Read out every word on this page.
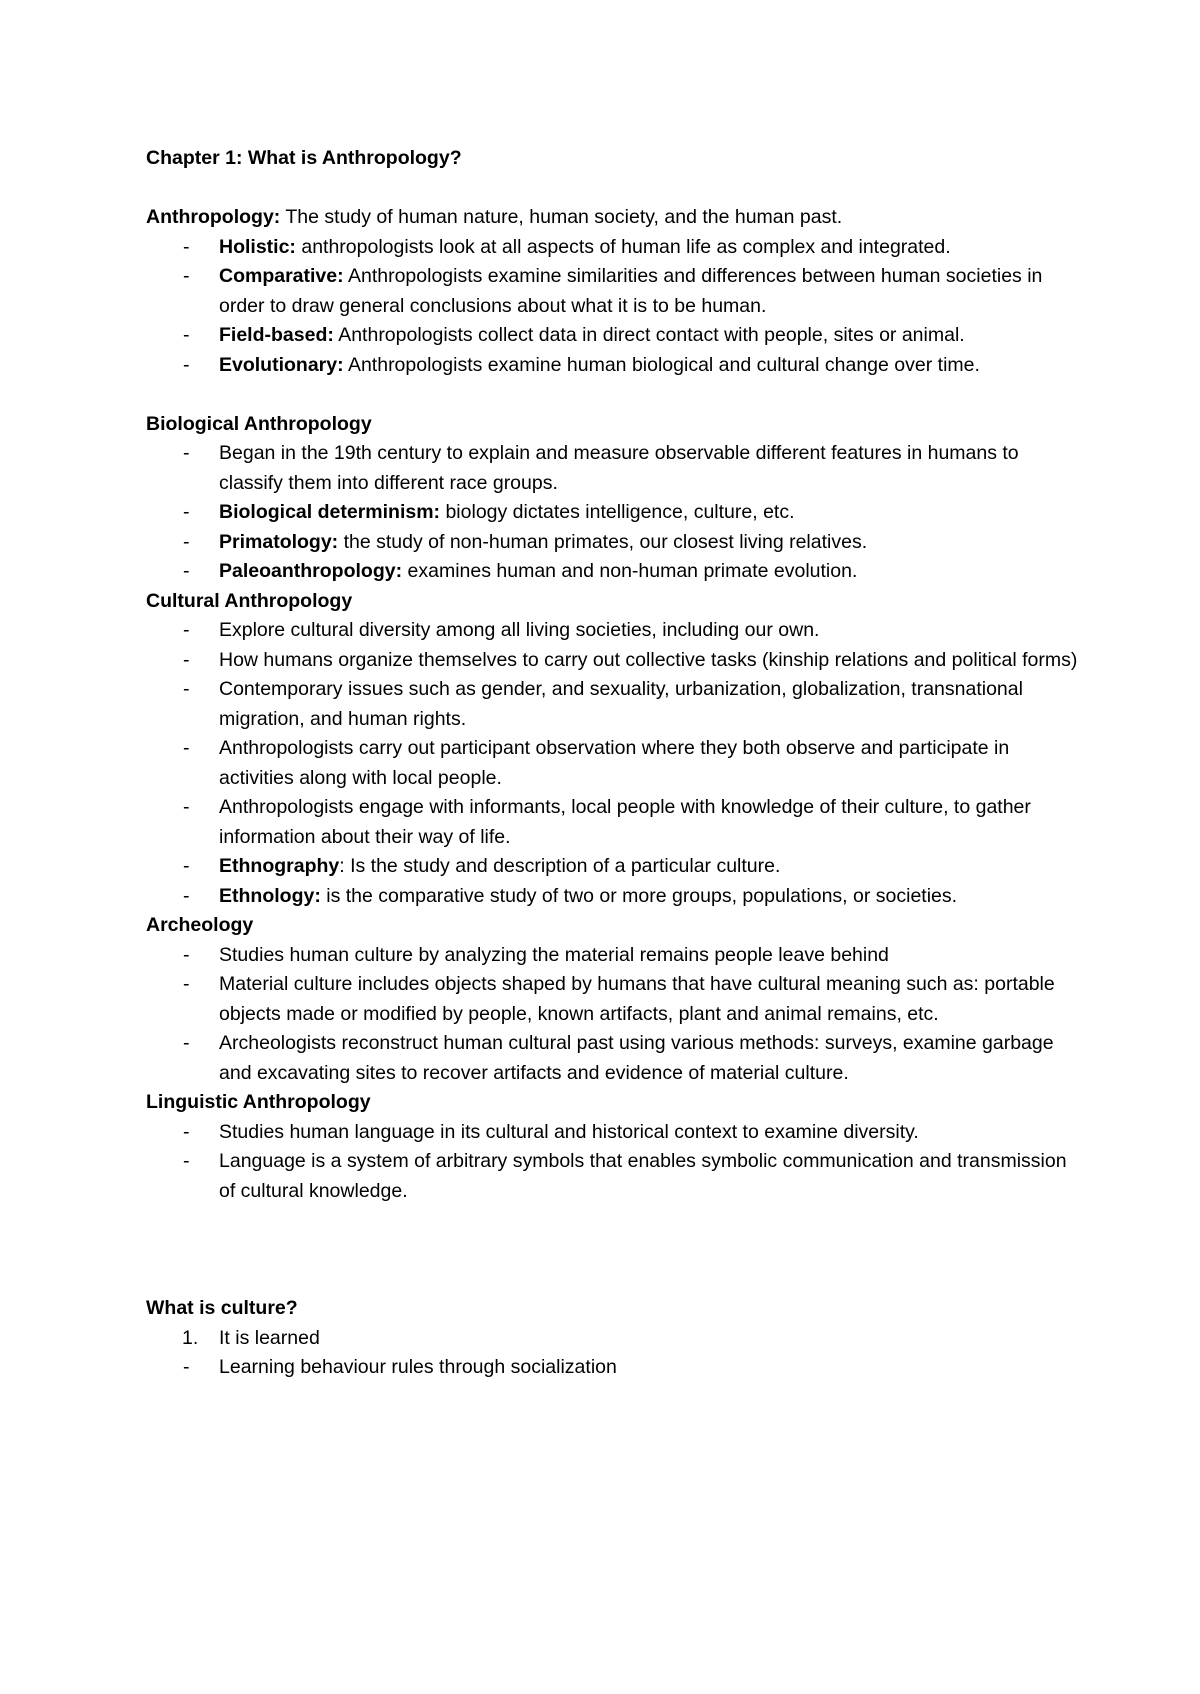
Chapter 1: What is Anthropology?

Anthropology: The study of human nature, human society, and the human past.

- Holistic: anthropologists look at all aspects of human life as complex and integrated.
- Comparative: Anthropologists examine similarities and differences between human societies in order to draw general conclusions about what it is to be human.
- Field-based: Anthropologists collect data in direct contact with people, sites or animal.
- Evolutionary: Anthropologists examine human biological and cultural change over time.

Biological Anthropology

- Began in the 19th century to explain and measure observable different features in humans to classify them into different race groups.
- Biological determinism: biology dictates intelligence, culture, etc.
- Primatology: the study of non-human primates, our closest living relatives.
- Paleoanthropology: examines human and non-human primate evolution.

Cultural Anthropology

- Explore cultural diversity among all living societies, including our own.
- How humans organize themselves to carry out collective tasks (kinship relations and political forms)
- Contemporary issues such as gender, and sexuality, urbanization, globalization, transnational migration, and human rights.
- Anthropologists carry out participant observation where they both observe and participate in activities along with local people.
- Anthropologists engage with informants, local people with knowledge of their culture, to gather information about their way of life.
- Ethnography: Is the study and description of a particular culture.
- Ethnology: is the comparative study of two or more groups, populations, or societies.

Archeology

- Studies human culture by analyzing the material remains people leave behind
- Material culture includes objects shaped by humans that have cultural meaning such as: portable objects made or modified by people, known artifacts, plant and animal remains, etc.
- Archeologists reconstruct human cultural past using various methods: surveys, examine garbage and excavating sites to recover artifacts and evidence of material culture.

Linguistic Anthropology

- Studies human language in its cultural and historical context to examine diversity.
- Language is a system of arbitrary symbols that enables symbolic communication and transmission of cultural knowledge.

What is culture?

1. It is learned
- Learning behaviour rules through socialization
